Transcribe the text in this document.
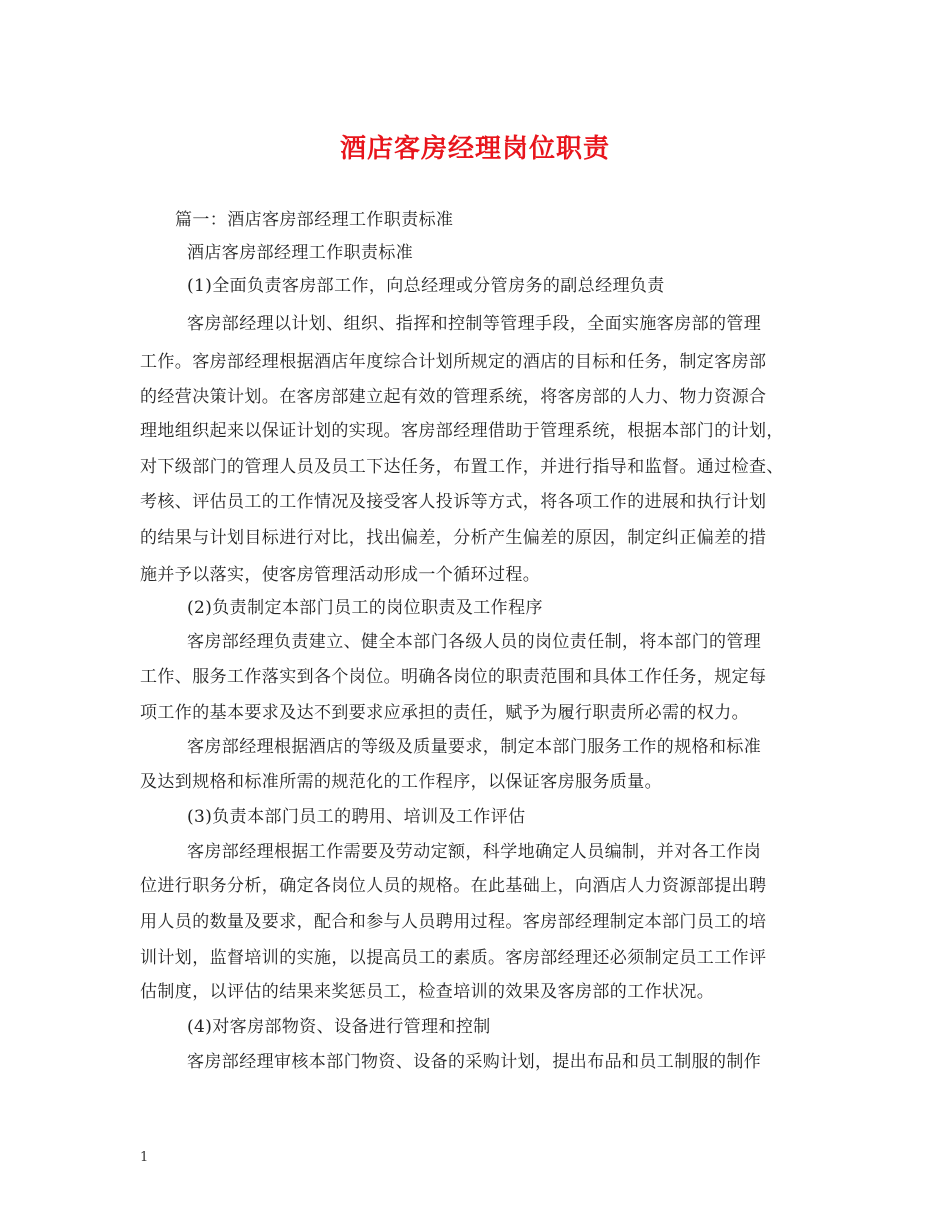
酒店客房经理岗位职责
篇一：酒店客房部经理工作职责标准
酒店客房部经理工作职责标准
(1)全面负责客房部工作，向总经理或分管房务的副总经理负责
客房部经理以计划、组织、指挥和控制等管理手段，全面实施客房部的管理
工作。客房部经理根据酒店年度综合计划所规定的酒店的目标和任务，制定客房部
的经营决策计划。在客房部建立起有效的管理系统，将客房部的人力、物力资源合
理地组织起来以保证计划的实现。客房部经理借助于管理系统，根据本部门的计划，
对下级部门的管理人员及员工下达任务，布置工作，并进行指导和监督。通过检查、
考核、评估员工的工作情况及接受客人投诉等方式，将各项工作的进展和执行计划
的结果与计划目标进行对比，找出偏差，分析产生偏差的原因，制定纠正偏差的措
施并予以落实，使客房管理活动形成一个循环过程。
(2)负责制定本部门员工的岗位职责及工作程序
客房部经理负责建立、健全本部门各级人员的岗位责任制，将本部门的管理
工作、服务工作落实到各个岗位。明确各岗位的职责范围和具体工作任务，规定每
项工作的基本要求及达不到要求应承担的责任，赋予为履行职责所必需的权力。
客房部经理根据酒店的等级及质量要求，制定本部门服务工作的规格和标准
及达到规格和标准所需的规范化的工作程序，以保证客房服务质量。
(3)负责本部门员工的聘用、培训及工作评估
客房部经理根据工作需要及劳动定额，科学地确定人员编制，并对各工作岗
位进行职务分析，确定各岗位人员的规格。在此基础上，向酒店人力资源部提出聘
用人员的数量及要求，配合和参与人员聘用过程。客房部经理制定本部门员工的培
训计划，监督培训的实施，以提高员工的素质。客房部经理还必须制定员工工作评
估制度，以评估的结果来奖惩员工，检查培训的效果及客房部的工作状况。
(4)对客房部物资、设备进行管理和控制
客房部经理审核本部门物资、设备的采购计划，提出布品和员工制服的制作
1
